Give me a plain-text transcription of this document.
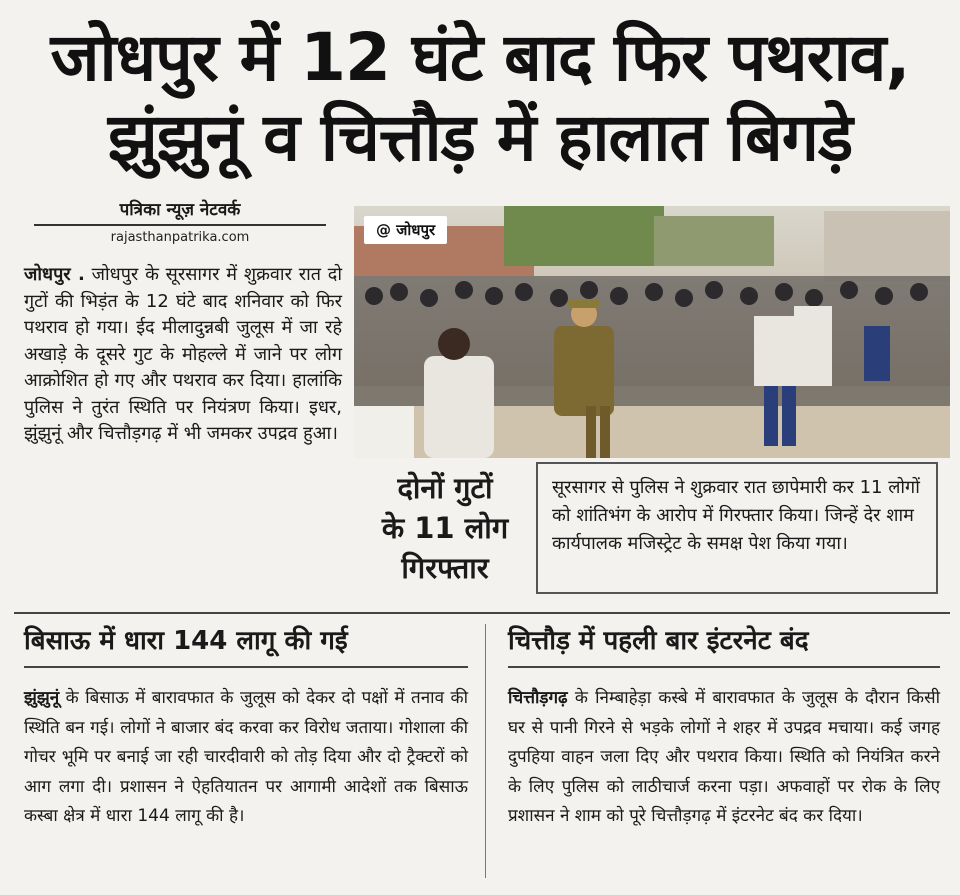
जोधपुर में 12 घंटे बाद फिर पथराव,
झुंझुनूं व चित्तौड़ में हालात बिगड़े
पत्रिका न्यूज़ नेटवर्क
rajasthanpatrika.com
जोधपुर . जोधपुर के सूरसागर में शुक्रवार रात दो गुटों की भिड़ंत के 12 घंटे बाद शनिवार को फिर पथराव हो गया। ईद मीलादुन्नबी जुलूस में जा रहे अखाड़े के दूसरे गुट के मोहल्ले में जाने पर लोग आक्रोशित हो गए और पथराव कर दिया। हालांकि पुलिस ने तुरंत स्थिति पर नियंत्रण किया। इधर, झुंझुनूं और चित्तौड़गढ़ में भी जमकर उपद्रव हुआ।
@ जोधपुर
दोनों गुटों
के 11 लोग
गिरफ्तार
सूरसागर से पुलिस ने शुक्रवार रात छापेमारी कर 11 लोगों को शांतिभंग के आरोप में गिरफ्तार किया। जिन्हें देर शाम कार्यपालक मजिस्ट्रेट के समक्ष पेश किया गया।
बिसाऊ में धारा 144 लागू की गई
झुंझुनूं के बिसाऊ में बारावफात के जुलूस को देकर दो पक्षों में तनाव की स्थिति बन गई। लोगों ने बाजार बंद करवा कर विरोध जताया। गोशाला की गोचर भूमि पर बनाई जा रही चारदीवारी को तोड़ दिया और दो ट्रैक्टरों को आग लगा दी। प्रशासन ने ऐहतियातन पर आगामी आदेशों तक बिसाऊ कस्बा क्षेत्र में धारा 144 लागू की है।
चित्तौड़ में पहली बार इंटरनेट बंद
चित्तौड़गढ़ के निम्बाहेड़ा कस्बे में बारावफात के जुलूस के दौरान किसी घर से पानी गिरने से भड़के लोगों ने शहर में उपद्रव मचाया। कई जगह दुपहिया वाहन जला दिए और पथराव किया। स्थिति को नियंत्रित करने के लिए पुलिस को लाठीचार्ज करना पड़ा। अफवाहों पर रोक के लिए प्रशासन ने शाम को पूरे चित्तौड़गढ़ में इंटरनेट बंद कर दिया।
